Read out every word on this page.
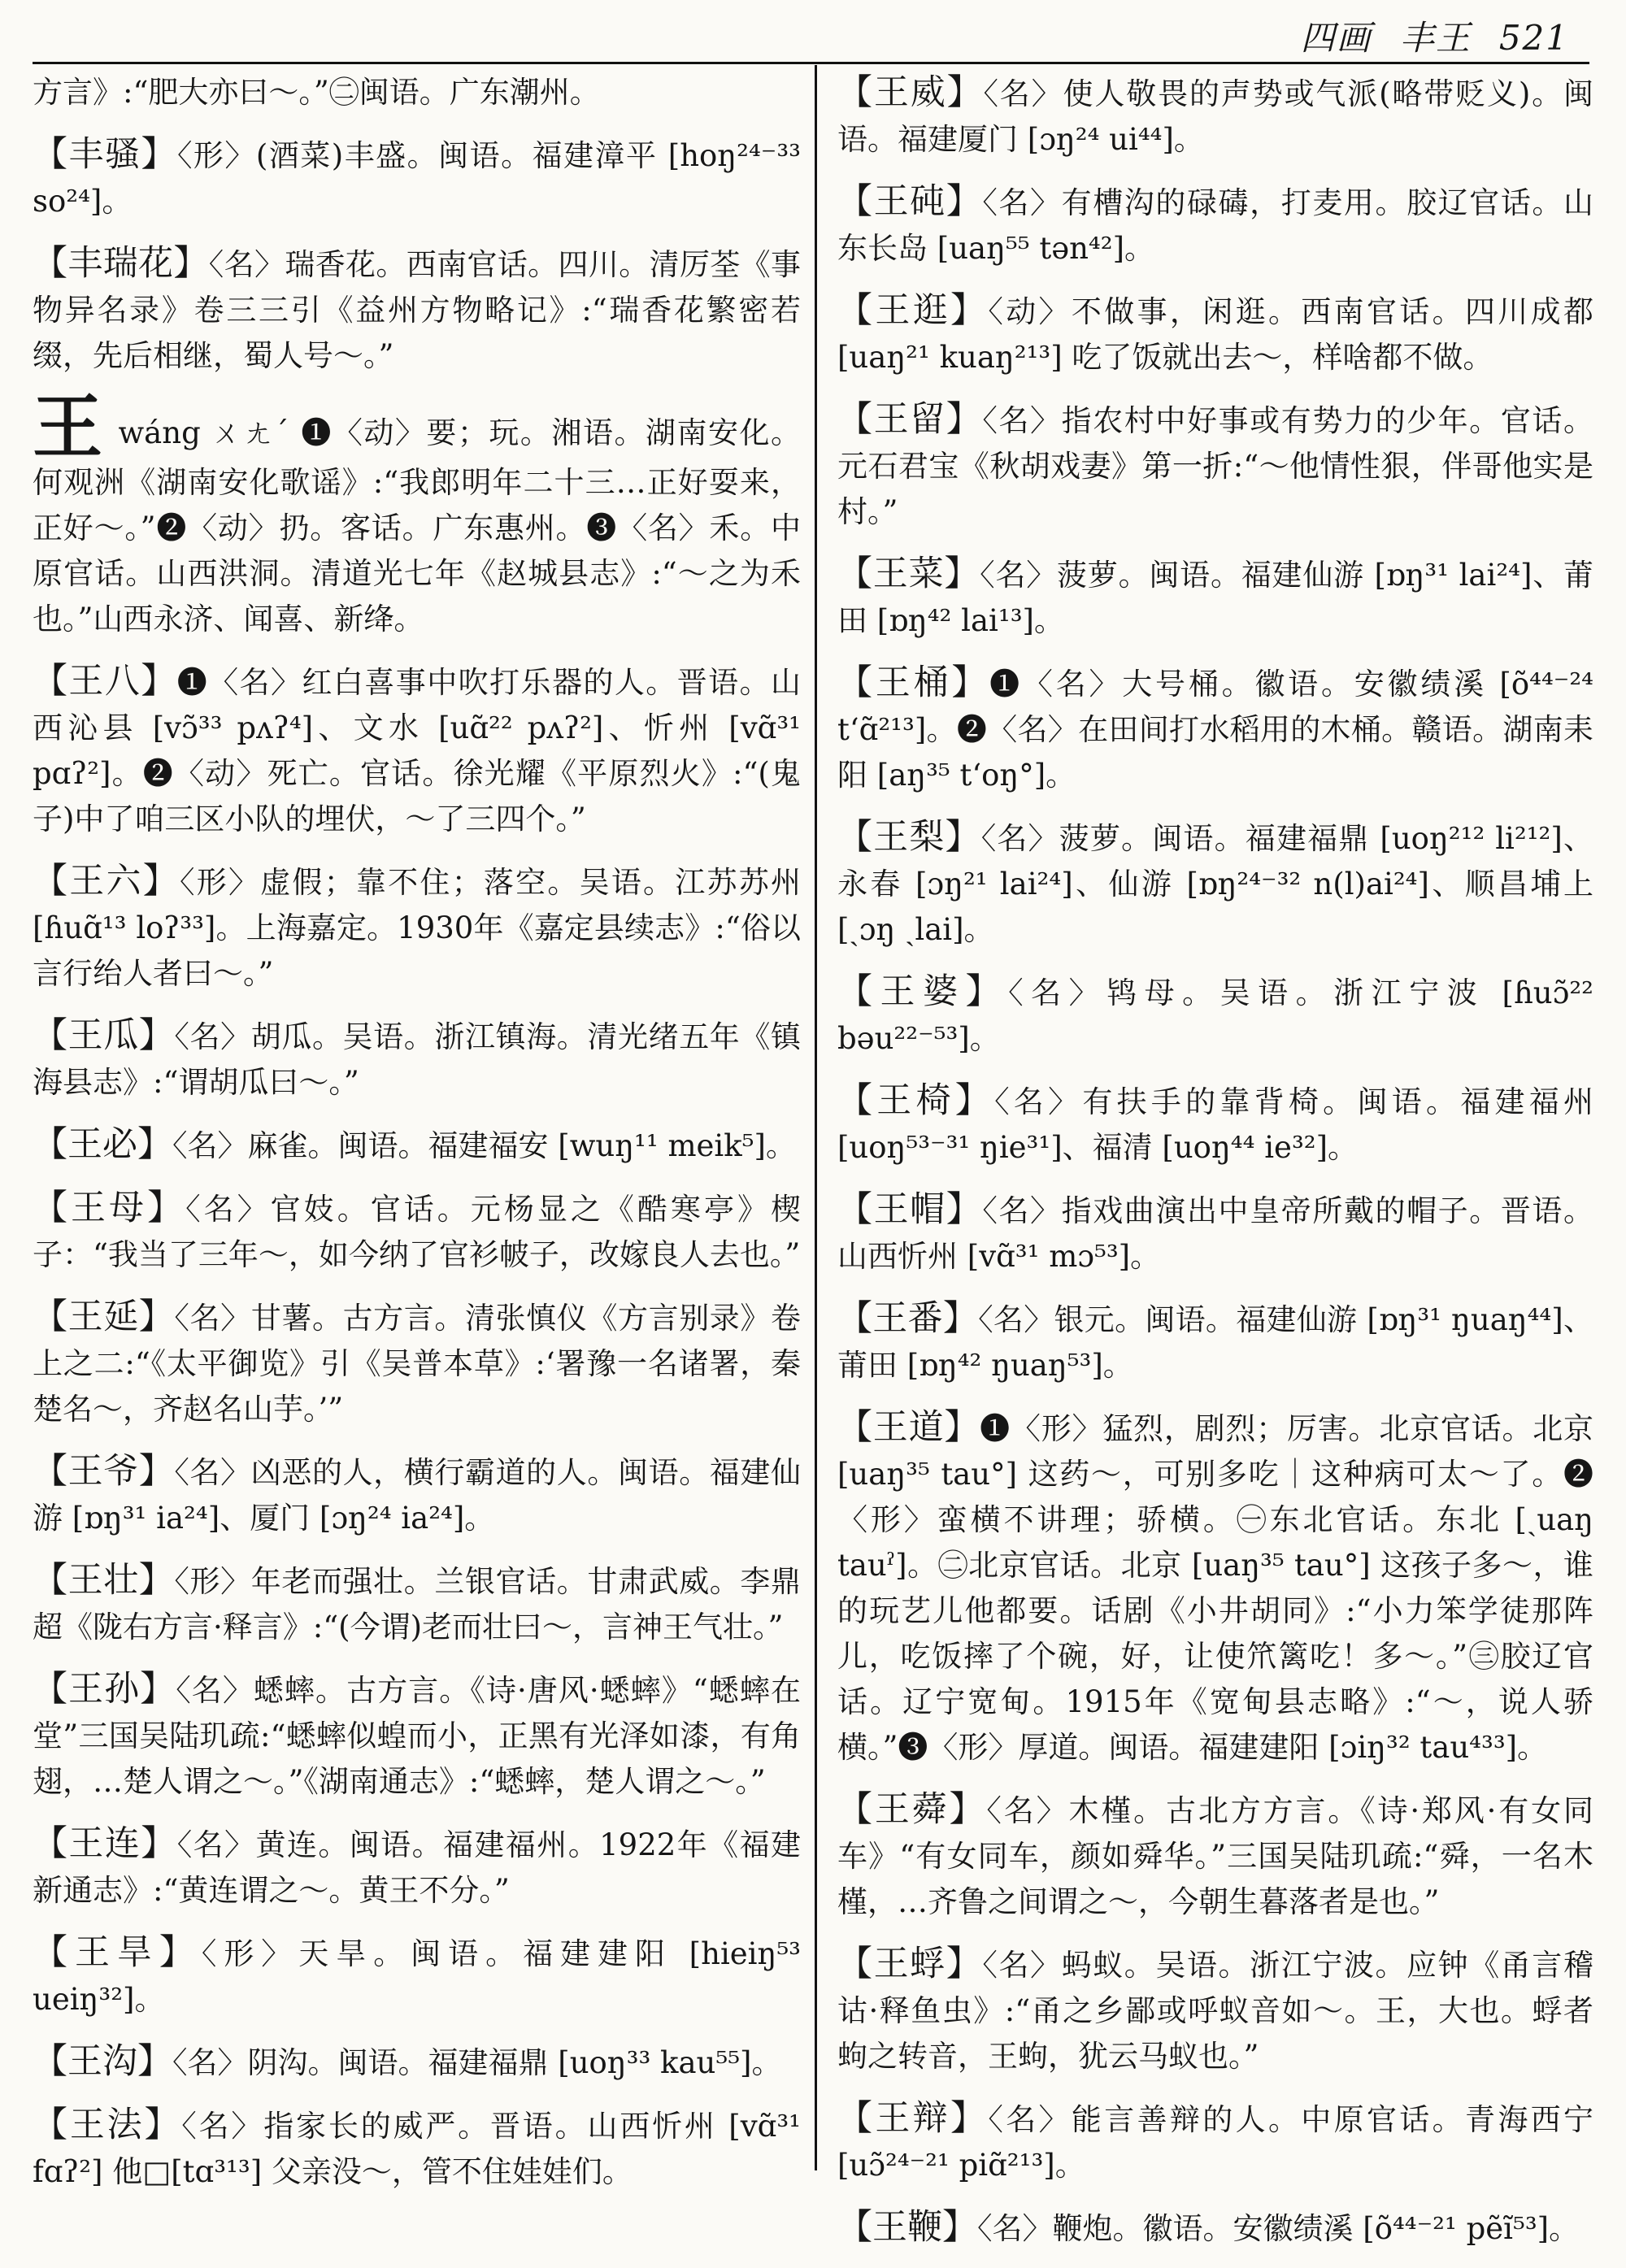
四画 丰王 521
方言》:“肥大亦曰～。”㊁闽语。广东潮州。
【丰骚】〈形〉(酒菜)丰盛。闽语。福建漳平 [hoŋ²⁴⁻³³ so²⁴]。
【丰瑞花】〈名〉瑞香花。西南官话。四川。清厉荃《事物异名录》卷三三引《益州方物略记》:“瑞香花繁密若缀，先后相继，蜀人号～。”
王wáng ㄨㄤˊ ❶〈动〉要；玩。湘语。湖南安化。何观洲《湖南安化歌谣》:“我郎明年二十三…正好耍来，正好～。”❷〈动〉扔。客话。广东惠州。❸〈名〉禾。中原官话。山西洪洞。清道光七年《赵城县志》:“～之为禾也。”山西永济、闻喜、新绛。
【王八】❶〈名〉红白喜事中吹打乐器的人。晋语。山西沁县 [vɔ̃³³ pʌʔ⁴]、文水 [uɑ̃²² pʌʔ²]、忻州 [vɑ̃³¹ pɑʔ²]。❷〈动〉死亡。官话。徐光耀《平原烈火》:“(鬼子)中了咱三区小队的埋伏，～了三四个。”
【王六】〈形〉虚假；靠不住；落空。吴语。江苏苏州 [ɦuɑ̃¹³ loʔ³³]。上海嘉定。1930年《嘉定县续志》:“俗以言行绐人者曰～。”
【王瓜】〈名〉胡瓜。吴语。浙江镇海。清光绪五年《镇海县志》:“谓胡瓜曰～。”
【王必】〈名〉麻雀。闽语。福建福安 [wuŋ¹¹ meik⁵]。
【王母】〈名〉官妓。官话。元杨显之《酷寒亭》楔子：“我当了三年～，如今纳了官衫帔子，改嫁良人去也。”
【王延】〈名〉甘薯。古方言。清张慎仪《方言别录》卷上之二:“《太平御览》引《吴普本草》:‘署豫一名诸署，秦楚名～，齐赵名山芋。’”
【王爷】〈名〉凶恶的人，横行霸道的人。闽语。福建仙游 [ɒŋ³¹ ia²⁴]、厦门 [ɔŋ²⁴ ia²⁴]。
【王壮】〈形〉年老而强壮。兰银官话。甘肃武威。李鼎超《陇右方言·释言》:“(今谓)老而壮曰～，言神王气壮。”
【王孙】〈名〉蟋蟀。古方言。《诗·唐风·蟋蟀》“蟋蟀在堂”三国吴陆玑疏:“蟋蟀似蝗而小，正黑有光泽如漆，有角翅，…楚人谓之～。”《湖南通志》:“蟋蟀，楚人谓之～。”
【王连】〈名〉黄连。闽语。福建福州。1922年《福建新通志》:“黄连谓之～。黄王不分。”
【王旱】〈形〉天旱。闽语。福建建阳 [hieiŋ⁵³ ueiŋ³²]。
【王沟】〈名〉阴沟。闽语。福建福鼎 [uoŋ³³ kau⁵⁵]。
【王法】〈名〉指家长的威严。晋语。山西忻州 [vɑ̃³¹ fɑʔ²] 他□[tɑ³¹³] 父亲没～，管不住娃娃们。
【王威】〈名〉使人敬畏的声势或气派(略带贬义)。闽语。福建厦门 [ɔŋ²⁴ ui⁴⁴]。
【王砘】〈名〉有槽沟的碌碡，打麦用。胶辽官话。山东长岛 [uaŋ⁵⁵ tən⁴²]。
【王逛】〈动〉不做事，闲逛。西南官话。四川成都 [uaŋ²¹ kuaŋ²¹³] 吃了饭就出去～，样啥都不做。
【王留】〈名〉指农村中好事或有势力的少年。官话。元石君宝《秋胡戏妻》第一折:“～他情性狠，伴哥他实是村。”
【王菜】〈名〉菠萝。闽语。福建仙游 [ɒŋ³¹ lai²⁴]、莆田 [ɒŋ⁴² lai¹³]。
【王桶】❶〈名〉大号桶。徽语。安徽绩溪 [õ⁴⁴⁻²⁴ tʻɑ̃²¹³]。❷〈名〉在田间打水稻用的木桶。赣语。湖南耒阳 [aŋ³⁵ tʻoŋ°]。
【王梨】〈名〉菠萝。闽语。福建福鼎 [uoŋ²¹² li²¹²]、永春 [ɔŋ²¹ lai²⁴]、仙游 [ɒŋ²⁴⁻³² n(l)ai²⁴]、顺昌埔上 [ˏɔŋ ˏlai]。
【王婆】〈名〉鸨母。吴语。浙江宁波 [ɦuɔ̃²² bəu²²⁻⁵³]。
【王椅】〈名〉有扶手的靠背椅。闽语。福建福州 [uoŋ⁵³⁻³¹ ŋie³¹]、福清 [uoŋ⁴⁴ ie³²]。
【王帽】〈名〉指戏曲演出中皇帝所戴的帽子。晋语。山西忻州 [vɑ̃³¹ mɔ⁵³]。
【王番】〈名〉银元。闽语。福建仙游 [ɒŋ³¹ ŋuaŋ⁴⁴]、莆田 [ɒŋ⁴² ŋuaŋ⁵³]。
【王道】❶〈形〉猛烈，剧烈；厉害。北京官话。北京 [uaŋ³⁵ tau°] 这药～，可别多吃｜这种病可太～了。❷〈形〉蛮横不讲理；骄横。㊀东北官话。东北 [ˏuaŋ tauˀ]。㊁北京官话。北京 [uaŋ³⁵ tau°] 这孩子多～，谁的玩艺儿他都要。话剧《小井胡同》:“小力笨学徒那阵儿，吃饭摔了个碗，好，让使笊篱吃！多～。”㊂胶辽官话。辽宁宽甸。1915年《宽甸县志略》:“～，说人骄横。”❸〈形〉厚道。闽语。福建建阳 [ɔiŋ³² tau⁴³³]。
【王蕣】〈名〉木槿。古北方方言。《诗·郑风·有女同车》“有女同车，颜如舜华。”三国吴陆玑疏:“舜，一名木槿，…齐鲁之间谓之～，今朝生暮落者是也。”
【王蜉】〈名〉蚂蚁。吴语。浙江宁波。应钟《甬言稽诂·释鱼虫》:“甬之乡鄙或呼蚁音如～。王，大也。蜉者蚼之转音，王蚼，犹云马蚁也。”
【王辩】〈名〉能言善辩的人。中原官话。青海西宁 [uɔ̃²⁴⁻²¹ piɑ̃²¹³]。
【王鞭】〈名〉鞭炮。徽语。安徽绩溪 [õ⁴⁴⁻²¹ pẽĩ⁵³]。
